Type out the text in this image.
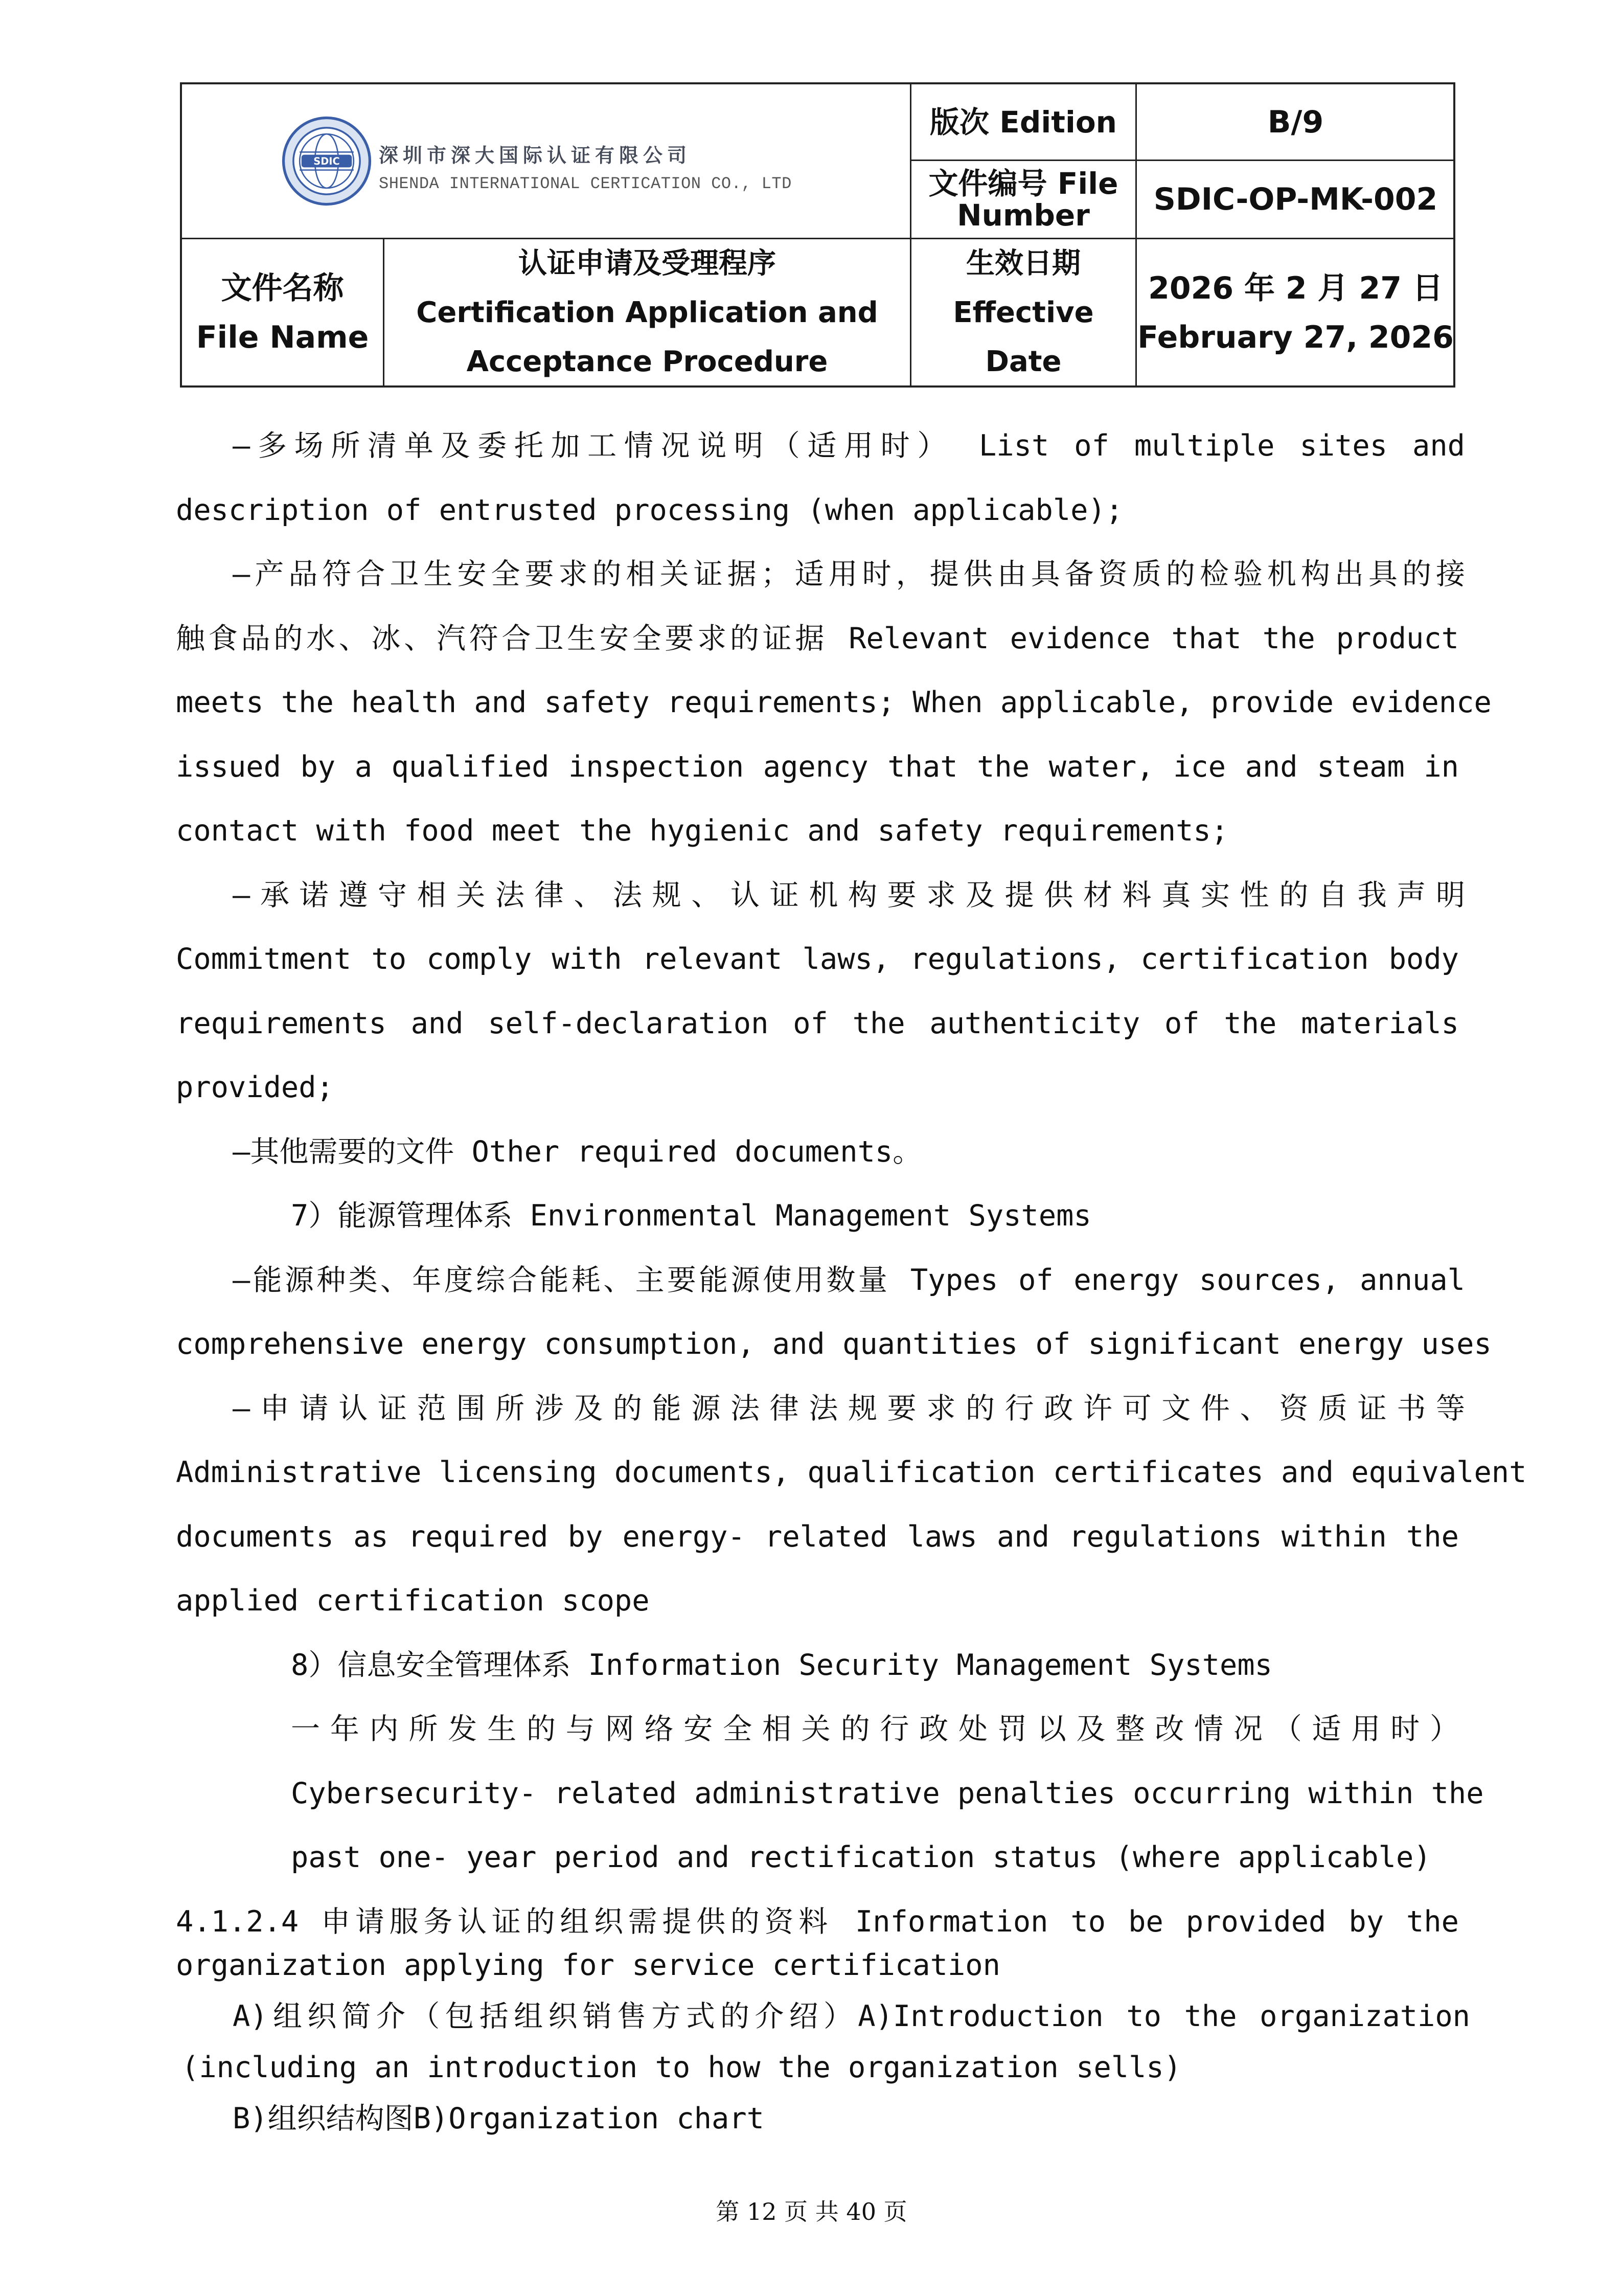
SDIC 深圳市深大国际认证有限公司
SHENDA INTERNATIONAL CERTICATION CO., LTD
版次 Edition	B/9
文件编号 File
Number SDIC-OP-MK-002
文件名称
File Name
认证申请及受理程序
Certification Application and
Acceptance Procedure
生效日期
Effective
Date
2026 年 2 月 27 日
February 27, 2026
—多场所清单及委托加工情况说明（适用时） List of multiple sites and
description of entrusted processing (when applicable);
—产品符合卫生安全要求的相关证据；适用时，提供由具备资质的检验机构出具的接
触食品的水、冰、汽符合卫生安全要求的证据 Relevant evidence that the product
meets the health and safety requirements; When applicable, provide evidence
issued by a qualified inspection agency that the water, ice and steam in
contact with food meet the hygienic and safety requirements;
—承诺遵守相关法律、法规、认证机构要求及提供材料真实性的自我声明
Commitment to comply with relevant laws, regulations, certification body
requirements and self-declaration of the authenticity of the materials
provided;
—其他需要的文件 Other required documents。
7）能源管理体系 Environmental Management Systems
—能源种类、年度综合能耗、主要能源使用数量 Types of energy sources, annual
comprehensive energy consumption, and quantities of significant energy uses
—申请认证范围所涉及的能源法律法规要求的行政许可文件、资质证书等
Administrative licensing documents, qualification certificates and equivalent
documents as required by energy- related laws and regulations within the
applied certification scope
8）信息安全管理体系 Information Security Management Systems
一年内所发生的与网络安全相关的行政处罚以及整改情况（适用时）
Cybersecurity- related administrative penalties occurring within the
past one- year period and rectification status (where applicable)
4.1.2.4 申请服务认证的组织需提供的资料 Information to be provided by the
organization applying for service certification
A)组织简介（包括组织销售方式的介绍）A)Introduction to the organization
(including an introduction to how the organization sells)
B)组织结构图B)Organization chart
第 12 页 共 40 页
